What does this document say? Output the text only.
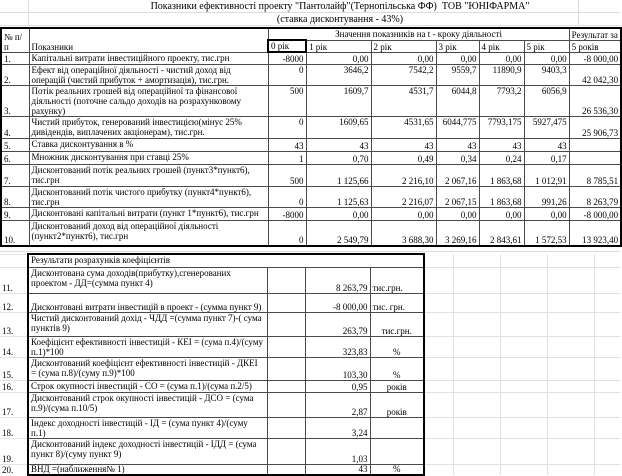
Показники ефективності проекту "Пантолайф"(Тернопільська ФФ)  ТОВ "ЮНІФАРМА"
(ставка дисконтування - 43%)
№ п/п	Показники	Значення показників на t - кроку діяльності						Результат за
		0 рік	1 рік	2 рік	3 рік	4 рік	5 рік	5 років
1.	Капітальні витрати інвестиційного проекту, тис.грн	-8000	0,00	0,00	0,00	0,00	0,00	-8 000,00
2.	Ефект від операційної діяльності - чистий доход від операцій (чистий прибуток + амортизація), тис.грн.	0	3646,2	7542,2	9559,7	11890,9	9403,3	42 042,30
3.	Потік реальних грошей від операційної та фінансової діяльності (поточне сальдо доходів на розрахунковому рахунку)	500	1609,7	4531,7	6044,8	7793,2	6056,9	26 536,30
4.	Чистий прибуток, генерований інвестицією(мінус 25% дивідендів, виплачених акціонерам), тис.грн.	0	1609,65	4531,65	6044,775	7793,175	5927,475	25 906,73
5.	Ставка дисконтування в %	43	43	43	43	43	43	
6.	Множник дисконтування при ставці 25%	1	0,70	0,49	0,34	0,24	0,17	
7.	Дисконтований потік реальних грошей (пункт3*пункт6), тис.грн	500	1 125,66	2 216,10	2 067,16	1 863,68	1 012,91	8 785,51
8.	Дисконтований потік чистого прибутку (пункт4*пункт6), тис.грн	0	1 125,63	2 216,07	2 067,15	1 863,68	991,26	8 263,79
9.	Дисконтовані капітальні витрати (пункт 1*пункт6), тис.грн	-8000	0,00	0,00	0,00	0,00	0,00	-8 000,00
10.	Дисконтований доход від операційної діяльності (пункт2*пункт6), тис.грн	0	2 549,79	3 688,30	3 269,16	2 843,61	1 572,53	13 923,40
	Результати розрахунків коефіцієнтів				
11.	Дисконтована сума доходів(прибутку),сгенерованих проектом - ДД=(сумма пункт 4)		8 263,79	тис.грн.	
12.	Дисконтовані витрати інвестицій в проект - (сумма пункт 9)		-8 000,00	тис. грн.	
13.	Чистий дисконтований дохід - ЧДД =(сумма пункт 7)-( сума пунктів 9)		263,79	тис.грн.	
14.	Коефіцієнт ефективності інвестицій - КЕІ = (сума п.4)/(суму п.1)*100		323,83	%	
15.	Дисконтований коефіцієнт ефективності інвестицій - ДКЕІ = (сума п.8)/(суму п.9)*100		103,30	%	
16.	Строк окупності інвестицій - СО = (сума п.1)/(сума п.2/5)		0,95	років	
17.	Дисконтований строк окупності інвестицій - ДСО = (сума п.9)/(сума п.10/5)		2,87	років	
18.	Індекс доходності інвестицій - ІД = (сума пункт 4)/(суму п.1)		3,24		
19.	Дисконтований індекс доходності інвестицій - ІДД = (сума пункт 8)/(суму пункт 9)		1,03		
20.	ВНД =(наближення№ 1)		43	%	
